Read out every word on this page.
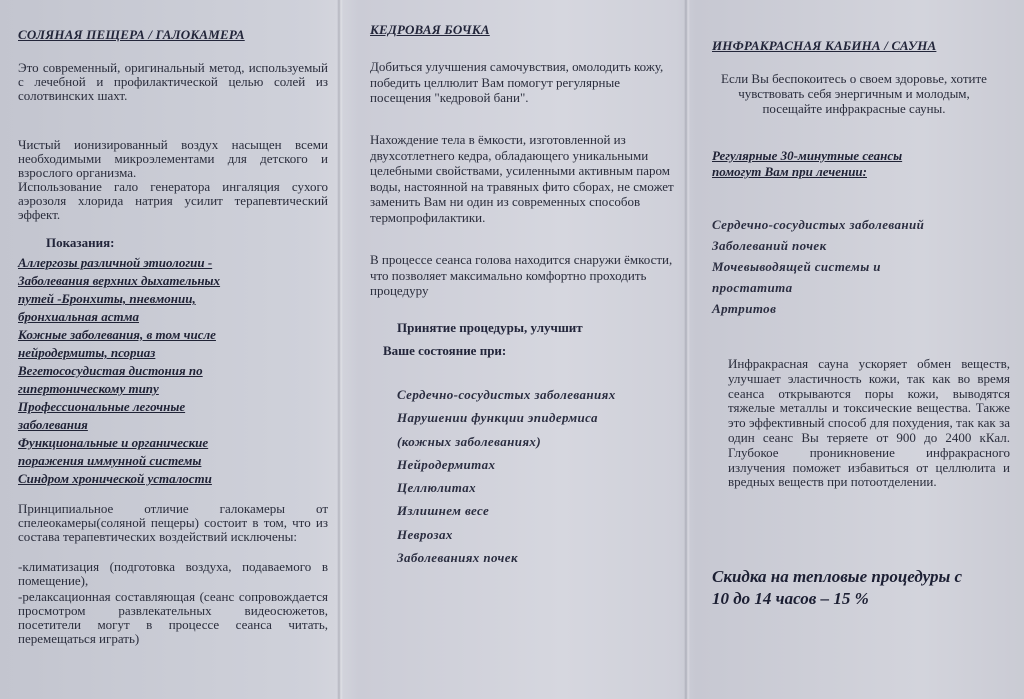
СОЛЯНАЯ ПЕЩЕРА / ГАЛОКАМЕРА

Это современный, оригинальный метод, используемый с лечебной и профилактической целью солей из солотвинских шахт.

Чистый ионизированный воздух насыщен всеми необходимыми микроэлементами для детского и взрослого организма.

Использование гало генератора ингаляция сухого аэрозоля хлорида натрия усилит терапевтический эффект.

Показания:

Аллергозы различной этиологии -
Заболевания верхних дыхательных
путей -Бронхиты, пневмонии,
бронхиальная астма
Кожные заболевания, в том числе
нейродермиты, псориаз
Вегетососудистая дистония по
гипертоническому типу
Профессиональные легочные
заболевания
Функциональные и органические
поражения иммунной системы
Синдром хронической усталости

Принципиальное отличие галокамеры от спелеокамеры(соляной пещеры) состоит в том, что из состава терапевтических воздействий исключены:

-климатизация (подготовка воздуха, подаваемого в помещение),

-релаксационная составляющая (сеанс сопровождается просмотром развлекательных видеосюжетов, посетители могут в процессе сеанса читать, перемещаться играть)

КЕДРОВАЯ БОЧКА

Добиться улучшения самочувствия, омолодить кожу, победить целлюлит Вам помогут регулярные посещения "кедровой бани".

Нахождение тела в ёмкости, изготовленной из двухсотлетнего кедра, обладающего уникальными целебными свойствами, усиленными активным паром воды, настоянной на травяных фито сборах, не сможет заменить Вам ни один из современных способов термопрофилактики.

В процессе сеанса голова находится снаружи ёмкости, что позволяет максимально комфортно проходить процедуру

Принятие процедуры, улучшит

Ваше состояние при:

Сердечно-сосудистых заболеваниях
Нарушении функции эпидермиса
(кожных заболеваниях)
Нейродермитах
Целлюлитах
Излишнем весе
Неврозах
Заболеваниях почек
ИНФРАКРАСНАЯ КАБИНА / САУНА

Если Вы беспокоитесь о своем здоровье, хотите чувствовать себя энергичным и молодым, посещайте инфракрасные сауны.

Регулярные 30-минутные сеансы

помогут Вам при лечении:

Сердечно-сосудистых заболеваний
Заболеваний почек
Мочевыводящей системы и
простатита
Артритов

Инфракрасная сауна ускоряет обмен веществ, улучшает эластичность кожи, так как во время сеанса открываются поры кожи, выводятся тяжелые металлы и токсические вещества. Также это эффективный способ для похудения, так как за один сеанс Вы теряете от 900 до 2400 кКал. Глубокое проникновение инфракрасного излучения поможет избавиться от целлюлита и вредных веществ при потоотделении.

Скидка на тепловые процедуры с

10 до 14 часов – 15 %
